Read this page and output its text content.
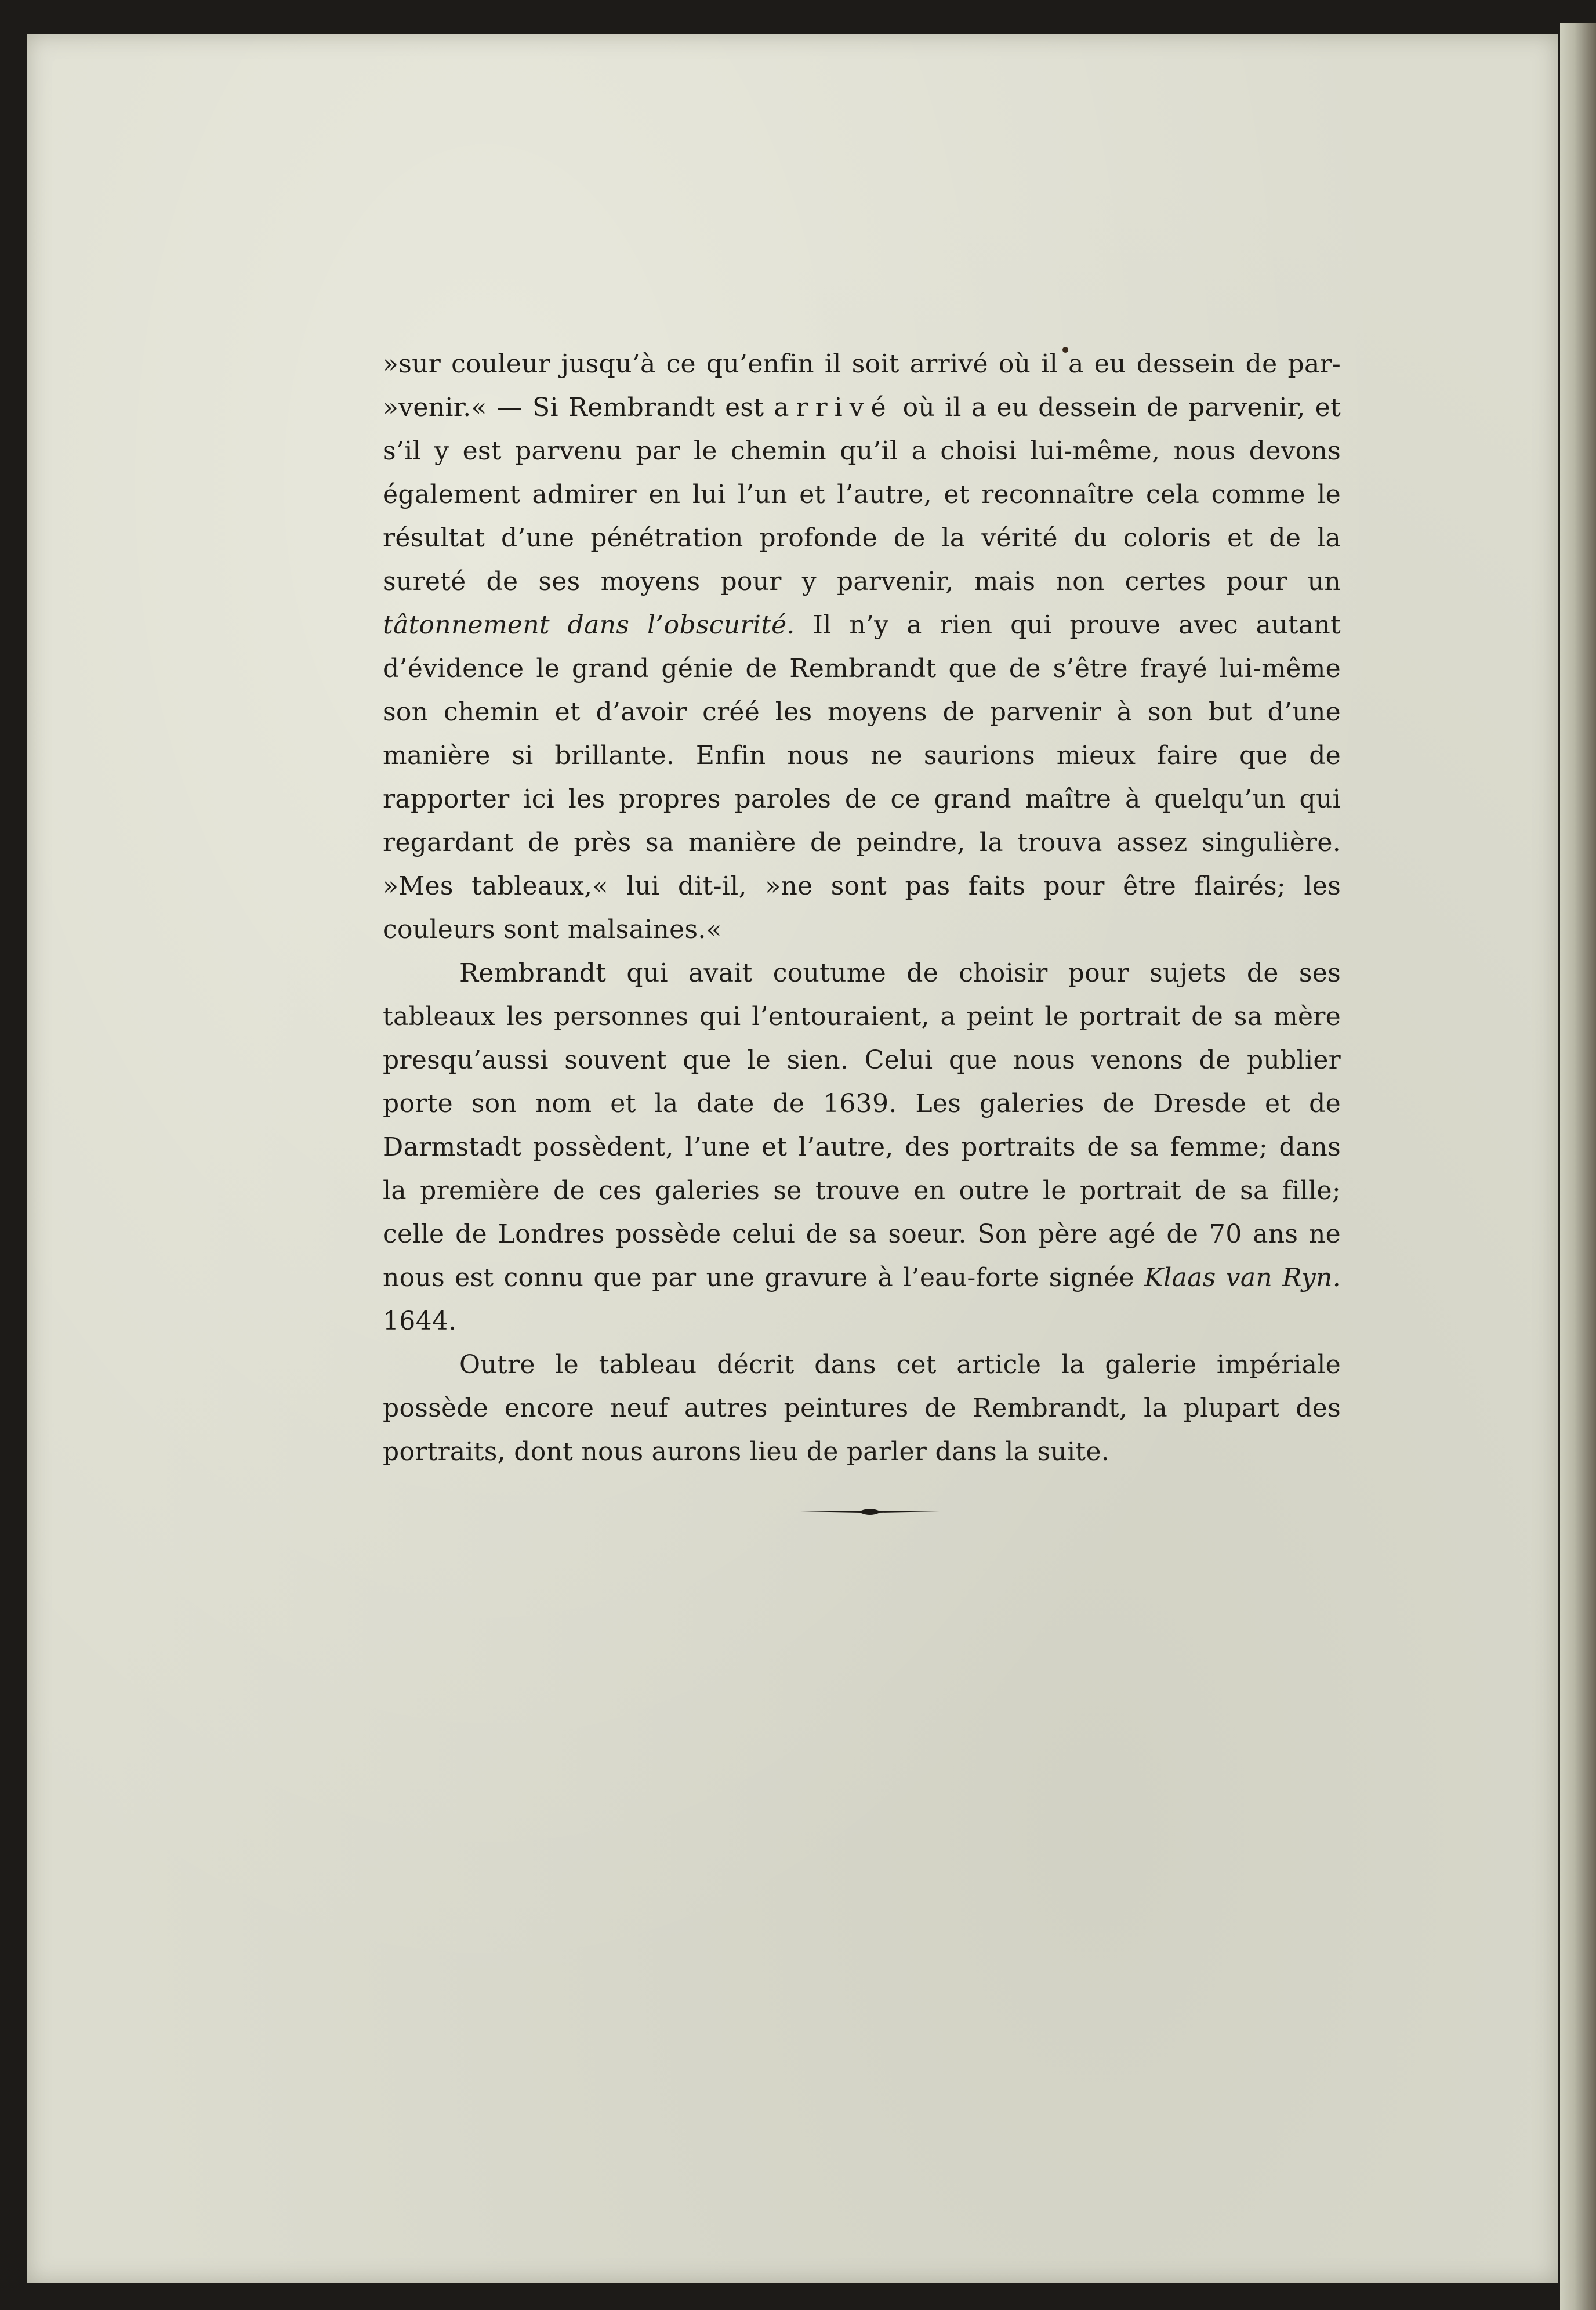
»sur couleur jusqu’à ce qu’enfin il soit arrivé où il a eu dessein de par- »venir.« — Si Rembrandt est arrivé où il a eu dessein de parvenir, et s’il y est parvenu par le chemin qu’il a choisi lui-même, nous devons également admirer en lui l’un et l’autre, et reconnaître cela comme le résultat d’une pénétration profonde de la vérité du coloris et de la sureté de ses moyens pour y parvenir, mais non certes pour un tâtonnement dans l’obscurité. Il n’y a rien qui prouve avec autant d’évidence le grand génie de Rembrandt que de s’être frayé lui-même son chemin et d’avoir créé les moyens de parvenir à son but d’une manière si brillante. Enfin nous ne saurions mieux faire que de rapporter ici les propres paroles de ce grand maître à quelqu’un qui regardant de près sa manière de peindre, la trouva assez singulière. »Mes tableaux,« lui dit-il, »ne sont pas faits pour être flairés; les couleurs sont malsaines.«

Rembrandt qui avait coutume de choisir pour sujets de ses tableaux les personnes qui l’entouraient, a peint le portrait de sa mère presqu’aussi souvent que le sien. Celui que nous venons de publier porte son nom et la date de 1639. Les galeries de Dresde et de Darmstadt possèdent, l’une et l’autre, des portraits de sa femme; dans la première de ces galeries se trouve en outre le portrait de sa fille; celle de Londres possède celui de sa soeur. Son père agé de 70 ans ne nous est connu que par une gravure à l’eau-forte signée Klaas van Ryn. 1644.

Outre le tableau décrit dans cet article la galerie impériale possède encore neuf autres peintures de Rembrandt, la plupart des portraits, dont nous aurons lieu de parler dans la suite.
